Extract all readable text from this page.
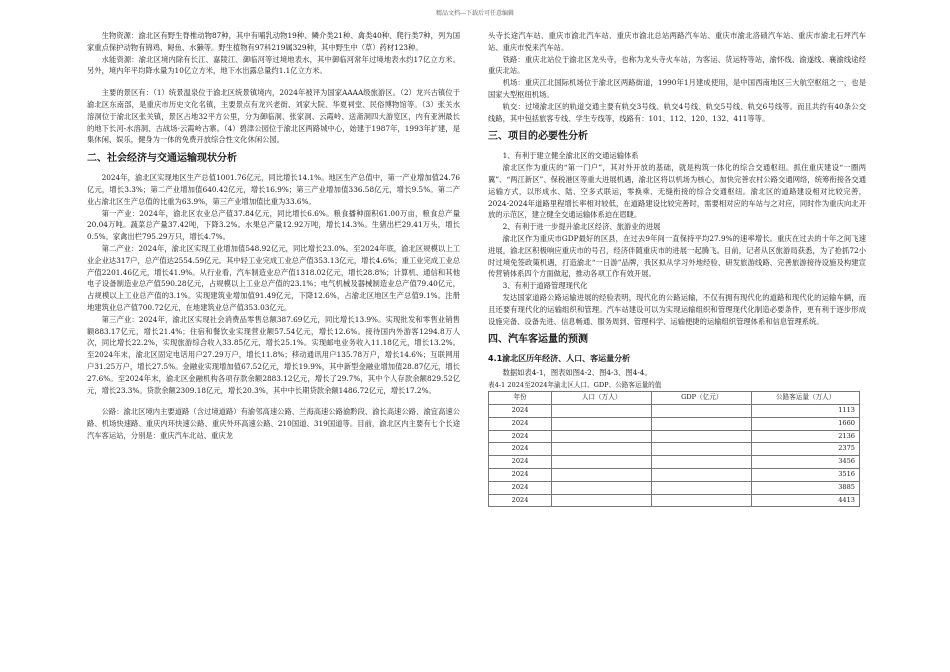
精品文档---下载后可任意编辑

生物资源：渝北区有野生脊椎动物87种，其中有哺乳动物19种、鳞介类21种、禽类40种、爬行类7种，列为国家重点保护动物有锦鸡、鲟鱼、水獭等。野生植物有97科219属329种，其中野生中（草）药材123种。

水能资源：渝北区境内除有长江、嘉陵江、御临河等过境地表水，其中御临河常年过境地表水约17亿立方米。另外，境内年平均降水量为10亿立方米，地下水出露总量约1.1亿立方米。

主要的景区有：（1）统景温泉位于渝北区统景镇境内，2024年被评为国家AAAA级旅游区。（2）龙兴古镇位于渝北区东南部，是重庆市历史文化名镇，主要景点有龙兴老街、刘家大院、华夏祠堂、民俗博物馆等。（3）张关水溶洞位于渝北区张关镇，景区占地32平方公里，分为御临洞、张家洞、云霞岭、送斋洞四大游览区，内有亚洲最长的地下长河-水溶洞、古战场-云霞岭古寨。（4）碧津公园位于渝北区两路城中心，始建于1987年，1993年扩建，是集休闲、娱乐，健身为一体的免费开放综合性文化休闲公园。

二、社会经济与交通运输现状分析

2024年，渝北区实现地区生产总值1001.76亿元，同比增长14.1%。地区生产总值中，第一产业增加值24.76亿元，增长3.3%；第二产业增加值640.42亿元，增长16.9%；第三产业增加值336.58亿元，增长9.5%。第二产业占渝北区生产总值的比重为63.9%，第三产业增加值比重为33.6%。

第一产业：2024年，渝北区农业总产值37.84亿元，同比增长6.6%。粮食播种面积61.00万亩，粮食总产量20.04万吨。蔬菜总产量37.42吨，下降3.2%。水果总产量12.92万吨，增长14.3%。生猪出栏29.41万头，增长0.5%。家禽出栏795.29万只，增长4.7%。

第二产业：2024年，渝北区实现工业增加值548.92亿元，同比增长23.0%。至2024年底，渝北区规模以上工业企业达317户，总产值达2554.59亿元。其中轻工业完成工业总产值353.13亿元，增长4.6%；重工业完成工业总产值2201.46亿元，增长41.9%。从行业看，汽车制造业总产值1318.02亿元，增长28.8%；计算机、通信和其他电子设备制造业总产值590.28亿元，占规模以上工业总产值的23.1%；电气机械及器械制造业总产值79.40亿元，占规模以上工业总产值的3.1%。实现建筑业增加值91.49亿元，下降12.6%，占渝北区地区生产总值9.1%。注册地建筑业总产值700.72亿元，在地建筑业总产值353.03亿元。

第三产业：2024年，渝北区实现社会消费品零售总额387.69亿元，同比增长13.9%。实现批发和零售业销售额883.17亿元，增长21.4%；住宿和餐饮业实现营业额57.54亿元，增长12.6%。接待国内外游客1294.8万人次，同比增长22.2%，实现旅游综合收入33.85亿元，增长25.1%。实现邮电业务收入11.18亿元，增长13.2%。至2024年末，渝北区固定电话用户27.29万户，增长11.8%；移动通讯用户135.78万户，增长14.6%；互联网用户31.25万户，增长27.5%。金融业实现增加值67.52亿元，增长19.9%，其中新型金融业增加值28.87亿元，增长27.6%。至2024年末，渝北区金融机构各项存款余额2883.12亿元，增长了29.7%，其中个人存款余额829.52亿元，增长23.3%。贷款余额2309.18亿元，增长20.3%，其中中长期贷款余额1486.72亿元，增长17.2%。

公路：渝北区境内主要道路（含过境道路）有渝邻高速公路、兰海高速公路渝黔段、渝长高速公路、渝宜高速公路、机场快速路、重庆内环快速公路、重庆外环高速公路、210国道、319国道等。目前，渝北区内主要有七个长途汽车客运站，分别是：重庆汽车北站、重庆龙

头寺长途汽车站、重庆市渝北汽车站、重庆市渝北总站两路汽车站、重庆市渝北洛碛汽车站、重庆市渝北石坪汽车站、重庆市悦来汽车站。

铁路：重庆北站位于渝北区龙头寺，也称为龙头寺火车站，为客运、货运特等站，渝怀线、渝遂线、襄渝线途经重庆北站。

机场：重庆江北国际机场位于渝北区两路街道，1990年1月建成使用，是中国西南地区三大航空枢纽之一，也是国家大型枢纽机场。

轨交：过境渝北区的轨道交通主要有轨交3号线、轨交4号线、轨交5号线、轨交6号线等。而且共约有40条公交线路，其中包括旅客专线、学生专线等，线路有：101、112、120、132、411等等。

三、项目的必要性分析

1、有利于建立健全渝北区的交通运输体系

渝北区作为重庆的“第一门户”，其对外开放的基础，就是构筑一体化的综合交通枢纽。抓住重庆建设“一圈两翼”、“两江新区”、保税港区等重大进展机遇，渝北区将以机场为核心，加快完善农村公路交通网络，统筹衔接各交通运输方式，以形成水、陆、空多式联运，零换乘、无缝衔接的综合交通枢纽。渝北区的道路建设相对比较完善，2024-2024年道路里程增长率相对较低，在道路建设比较完善时，需要相对应的车站与之对应，同时作为重庆向北开放的示范区，建立健全交通运输体系迫在眉睫。

2、有利于进一步提升渝北区经济、旅游业的进展

渝北区作为重庆市GDP最好的区县，在过去9年间一直保持平均27.9%的速率增长。重庆在过去的十年之间飞速进展，渝北区积极响应重庆市的号召，经济伴随重庆市的进展一起腾飞。目前，记者从区旅游局获悉，为了抢抓72小时过境免签政策机遇，打造渝北“一日游”品牌，我区拟从学习外地经验、研发旅游线路、完善旅游接待设施及构建宣传营销体系四个方面做起，推动各项工作有效开展。

3、有利于道路管理现代化

发达国家道路公路运输进展的经验表明，现代化的公路运输，不仅有拥有现代化的道路和现代化的运输车辆，而且还要有现代化的运输组织和管理。汽车站建设可以为实现运输组织和管理现代化制造必要条件，更有利于逐步形成设施完备、设备先进、信息畅通、服务周到、管理科学、运输便捷的运输组织管理体系和信息管理系统。

四、汽车客运量的预测
4.1渝北区历年经济、人口、客运量分析

数据如表4-1，图表如图4-2、图4-3、图4-4。

表4-1 2024至2024年渝北区人口、GDP、公路客运量的值
年份	人口（万人）	GDP（亿元）	公路客运量（万人）
2024			1113
2024			1660
2024			2136
2024			2375
2024			3456
2024			3516
2024			3885
2024			4413
